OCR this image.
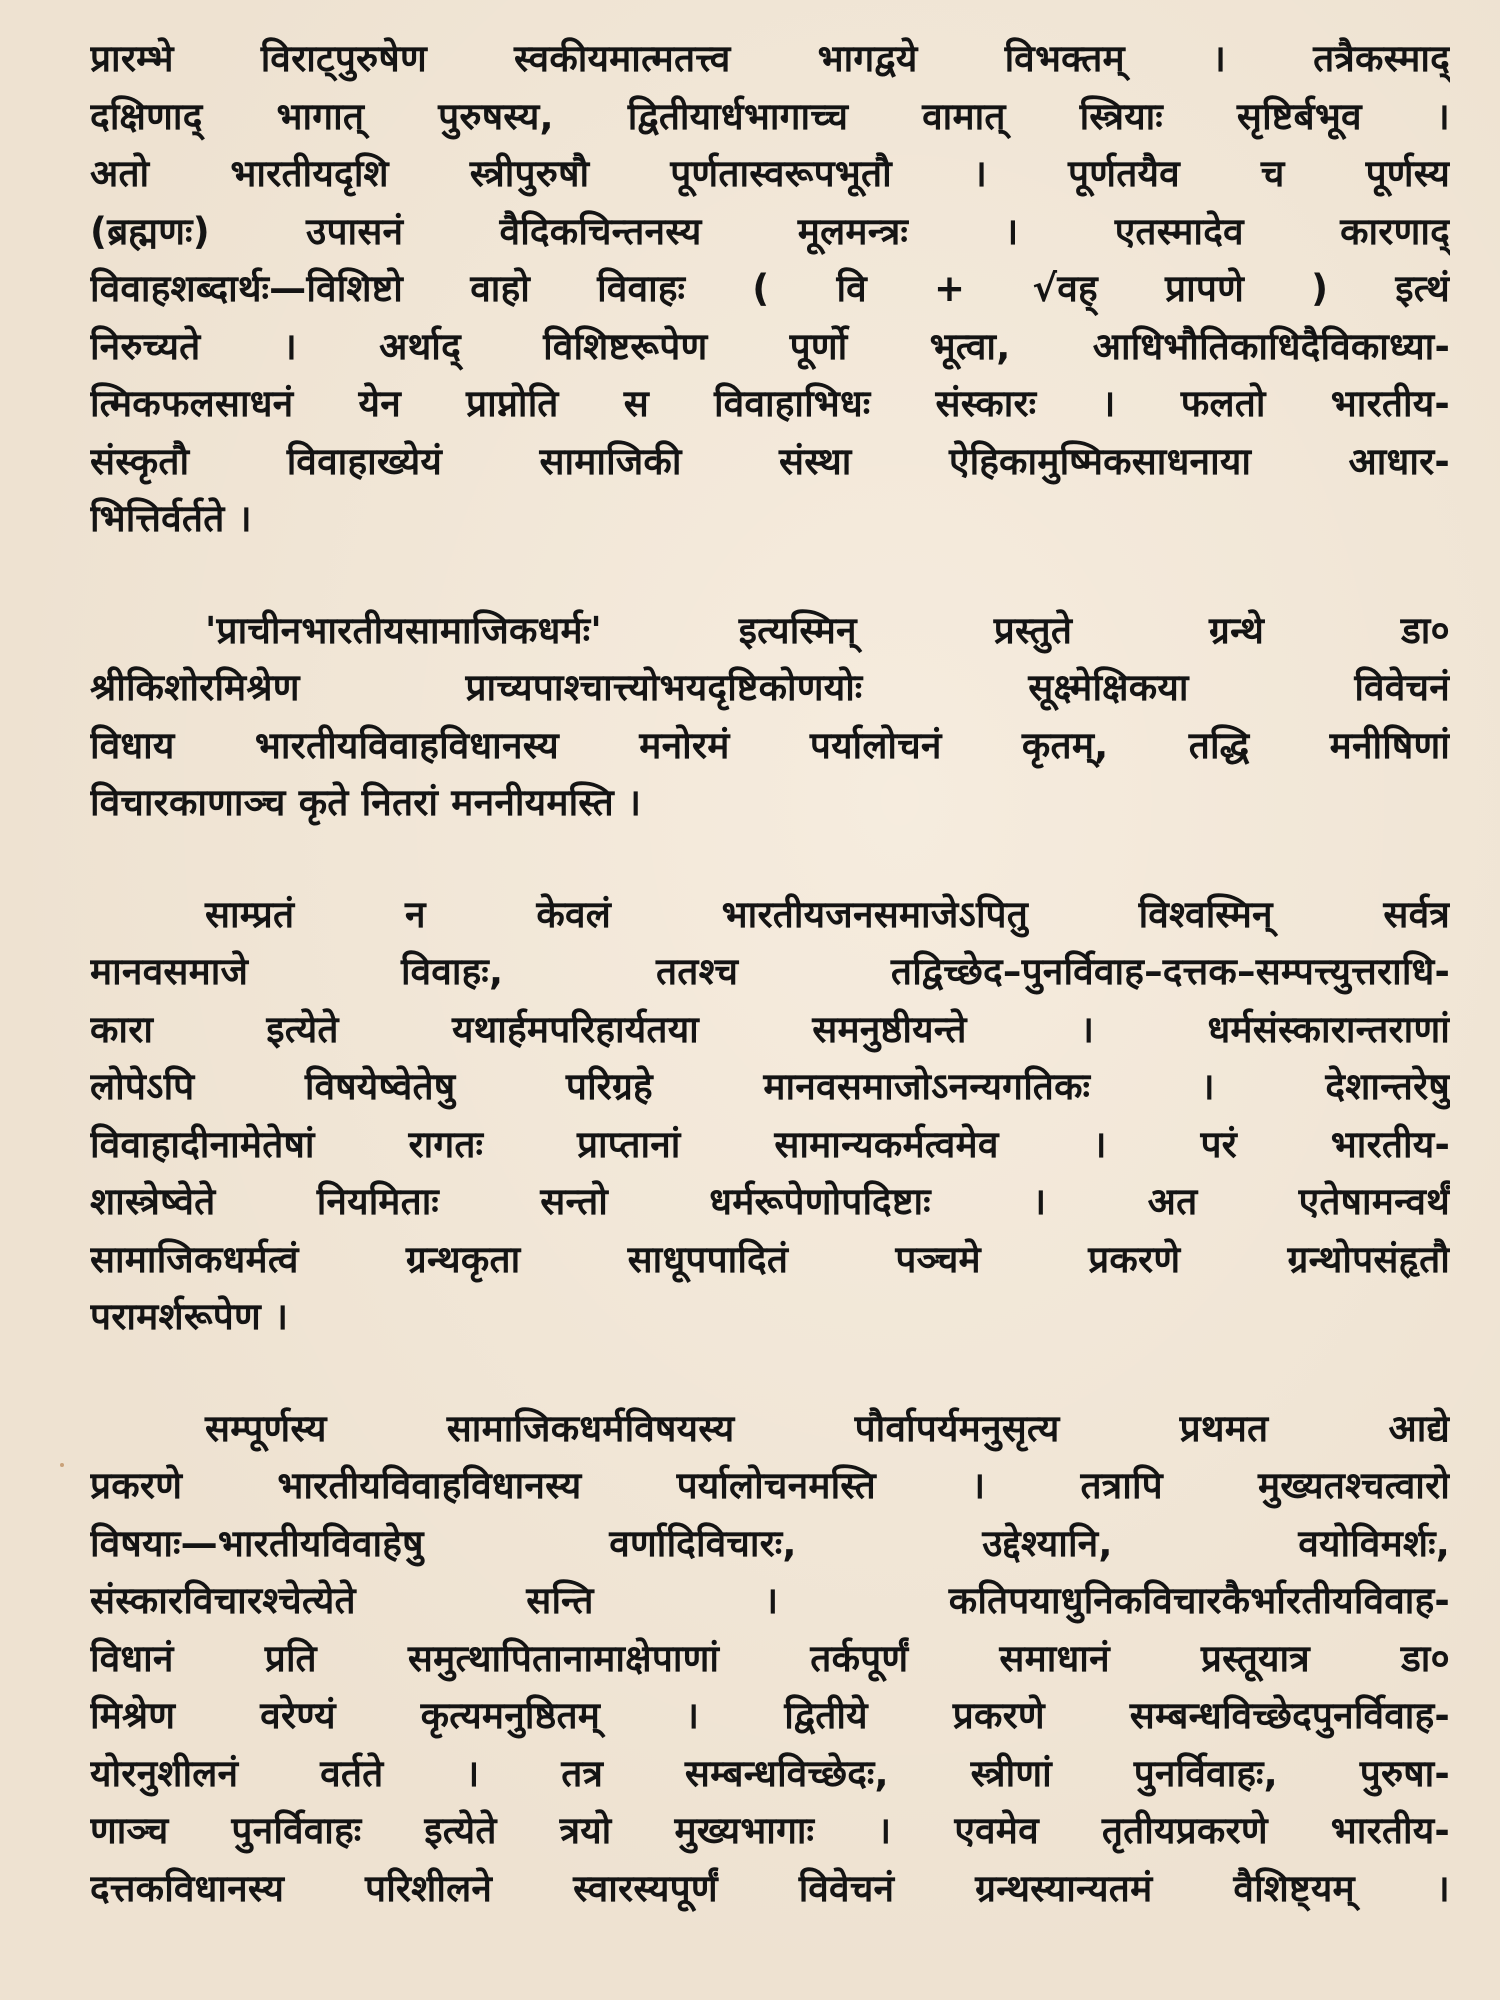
प्रारम्भे विराट्पुरुषेण स्वकीयमात्मतत्त्व भागद्वये विभक्तम् । तत्रैकस्माद्
दक्षिणाद् भागात् पुरुषस्य, द्वितीयार्धभागाच्च वामात् स्त्रियाः सृष्टिर्बभूव ।
अतो भारतीयदृशि स्त्रीपुरुषौ पूर्णतास्वरूपभूतौ । पूर्णतयैव च पूर्णस्य
(ब्रह्मणः) उपासनं वैदिकचिन्तनस्य मूलमन्त्रः । एतस्मादेव कारणाद्
विवाहशब्दार्थः—विशिष्टो वाहो विवाहः ( वि + √वह् प्रापणे ) इत्थं
निरुच्यते । अर्थाद् विशिष्टरूपेण पूर्णो भूत्वा, आधिभौतिकाधिदैविकाध्या-
त्मिकफलसाधनं येन प्राप्नोति स विवाहाभिधः संस्कारः । फलतो भारतीय-
संस्कृतौ विवाहाख्येयं सामाजिकी संस्था ऐहिकामुष्मिकसाधनाया आधार-
भित्तिर्वर्तते ।
'प्राचीनभारतीयसामाजिकधर्मः' इत्यस्मिन् प्रस्तुते ग्रन्थे डा०
श्रीकिशोरमिश्रेण प्राच्यपाश्चात्त्योभयदृष्टिकोणयोः सूक्ष्मेक्षिकया विवेचनं
विधाय भारतीयविवाहविधानस्य मनोरमं पर्यालोचनं कृतम्, तद्धि मनीषिणां
विचारकाणाञ्च कृते नितरां मननीयमस्ति ।
साम्प्रतं न केवलं भारतीयजनसमाजेऽपितु विश्वस्मिन् सर्वत्र
मानवसमाजे विवाहः, ततश्च तद्विच्छेद–पुनर्विवाह–दत्तक–सम्पत्त्युत्तराधि-
कारा इत्येते यथार्हमपरिहार्यतया समनुष्ठीयन्ते । धर्मसंस्कारान्तराणां
लोपेऽपि विषयेष्वेतेषु परिग्रहे मानवसमाजोऽनन्यगतिकः । देशान्तरेषु
विवाहादीनामेतेषां रागतः प्राप्तानां सामान्यकर्मत्वमेव । परं भारतीय-
शास्त्रेष्वेते नियमिताः सन्तो धर्मरूपेणोपदिष्टाः । अत एतेषामन्वर्थं
सामाजिकधर्मत्वं ग्रन्थकृता साधूपपादितं पञ्चमे प्रकरणे ग्रन्थोपसंहृतौ
परामर्शरूपेण ।
सम्पूर्णस्य सामाजिकधर्मविषयस्य पौर्वापर्यमनुसृत्य प्रथमत आद्ये
प्रकरणे भारतीयविवाहविधानस्य पर्यालोचनमस्ति । तत्रापि मुख्यतश्चत्वारो
विषयाः—भारतीयविवाहेषु वर्णादिविचारः, उद्देश्यानि, वयोविमर्शः,
संस्कारविचारश्चेत्येते सन्ति । कतिपयाधुनिकविचारकैर्भारतीयविवाह-
विधानं प्रति समुत्थापितानामाक्षेपाणां तर्कपूर्णं समाधानं प्रस्तूयात्र डा०
मिश्रेण वरेण्यं कृत्यमनुष्ठितम् । द्वितीये प्रकरणे सम्बन्धविच्छेदपुनर्विवाह-
योरनुशीलनं वर्तते । तत्र सम्बन्धविच्छेदः, स्त्रीणां पुनर्विवाहः, पुरुषा-
णाञ्च पुनर्विवाहः इत्येते त्रयो मुख्यभागाः । एवमेव तृतीयप्रकरणे भारतीय-
दत्तकविधानस्य परिशीलने स्वारस्यपूर्णं विवेचनं ग्रन्थस्यान्यतमं वैशिष्ट्यम् ।
